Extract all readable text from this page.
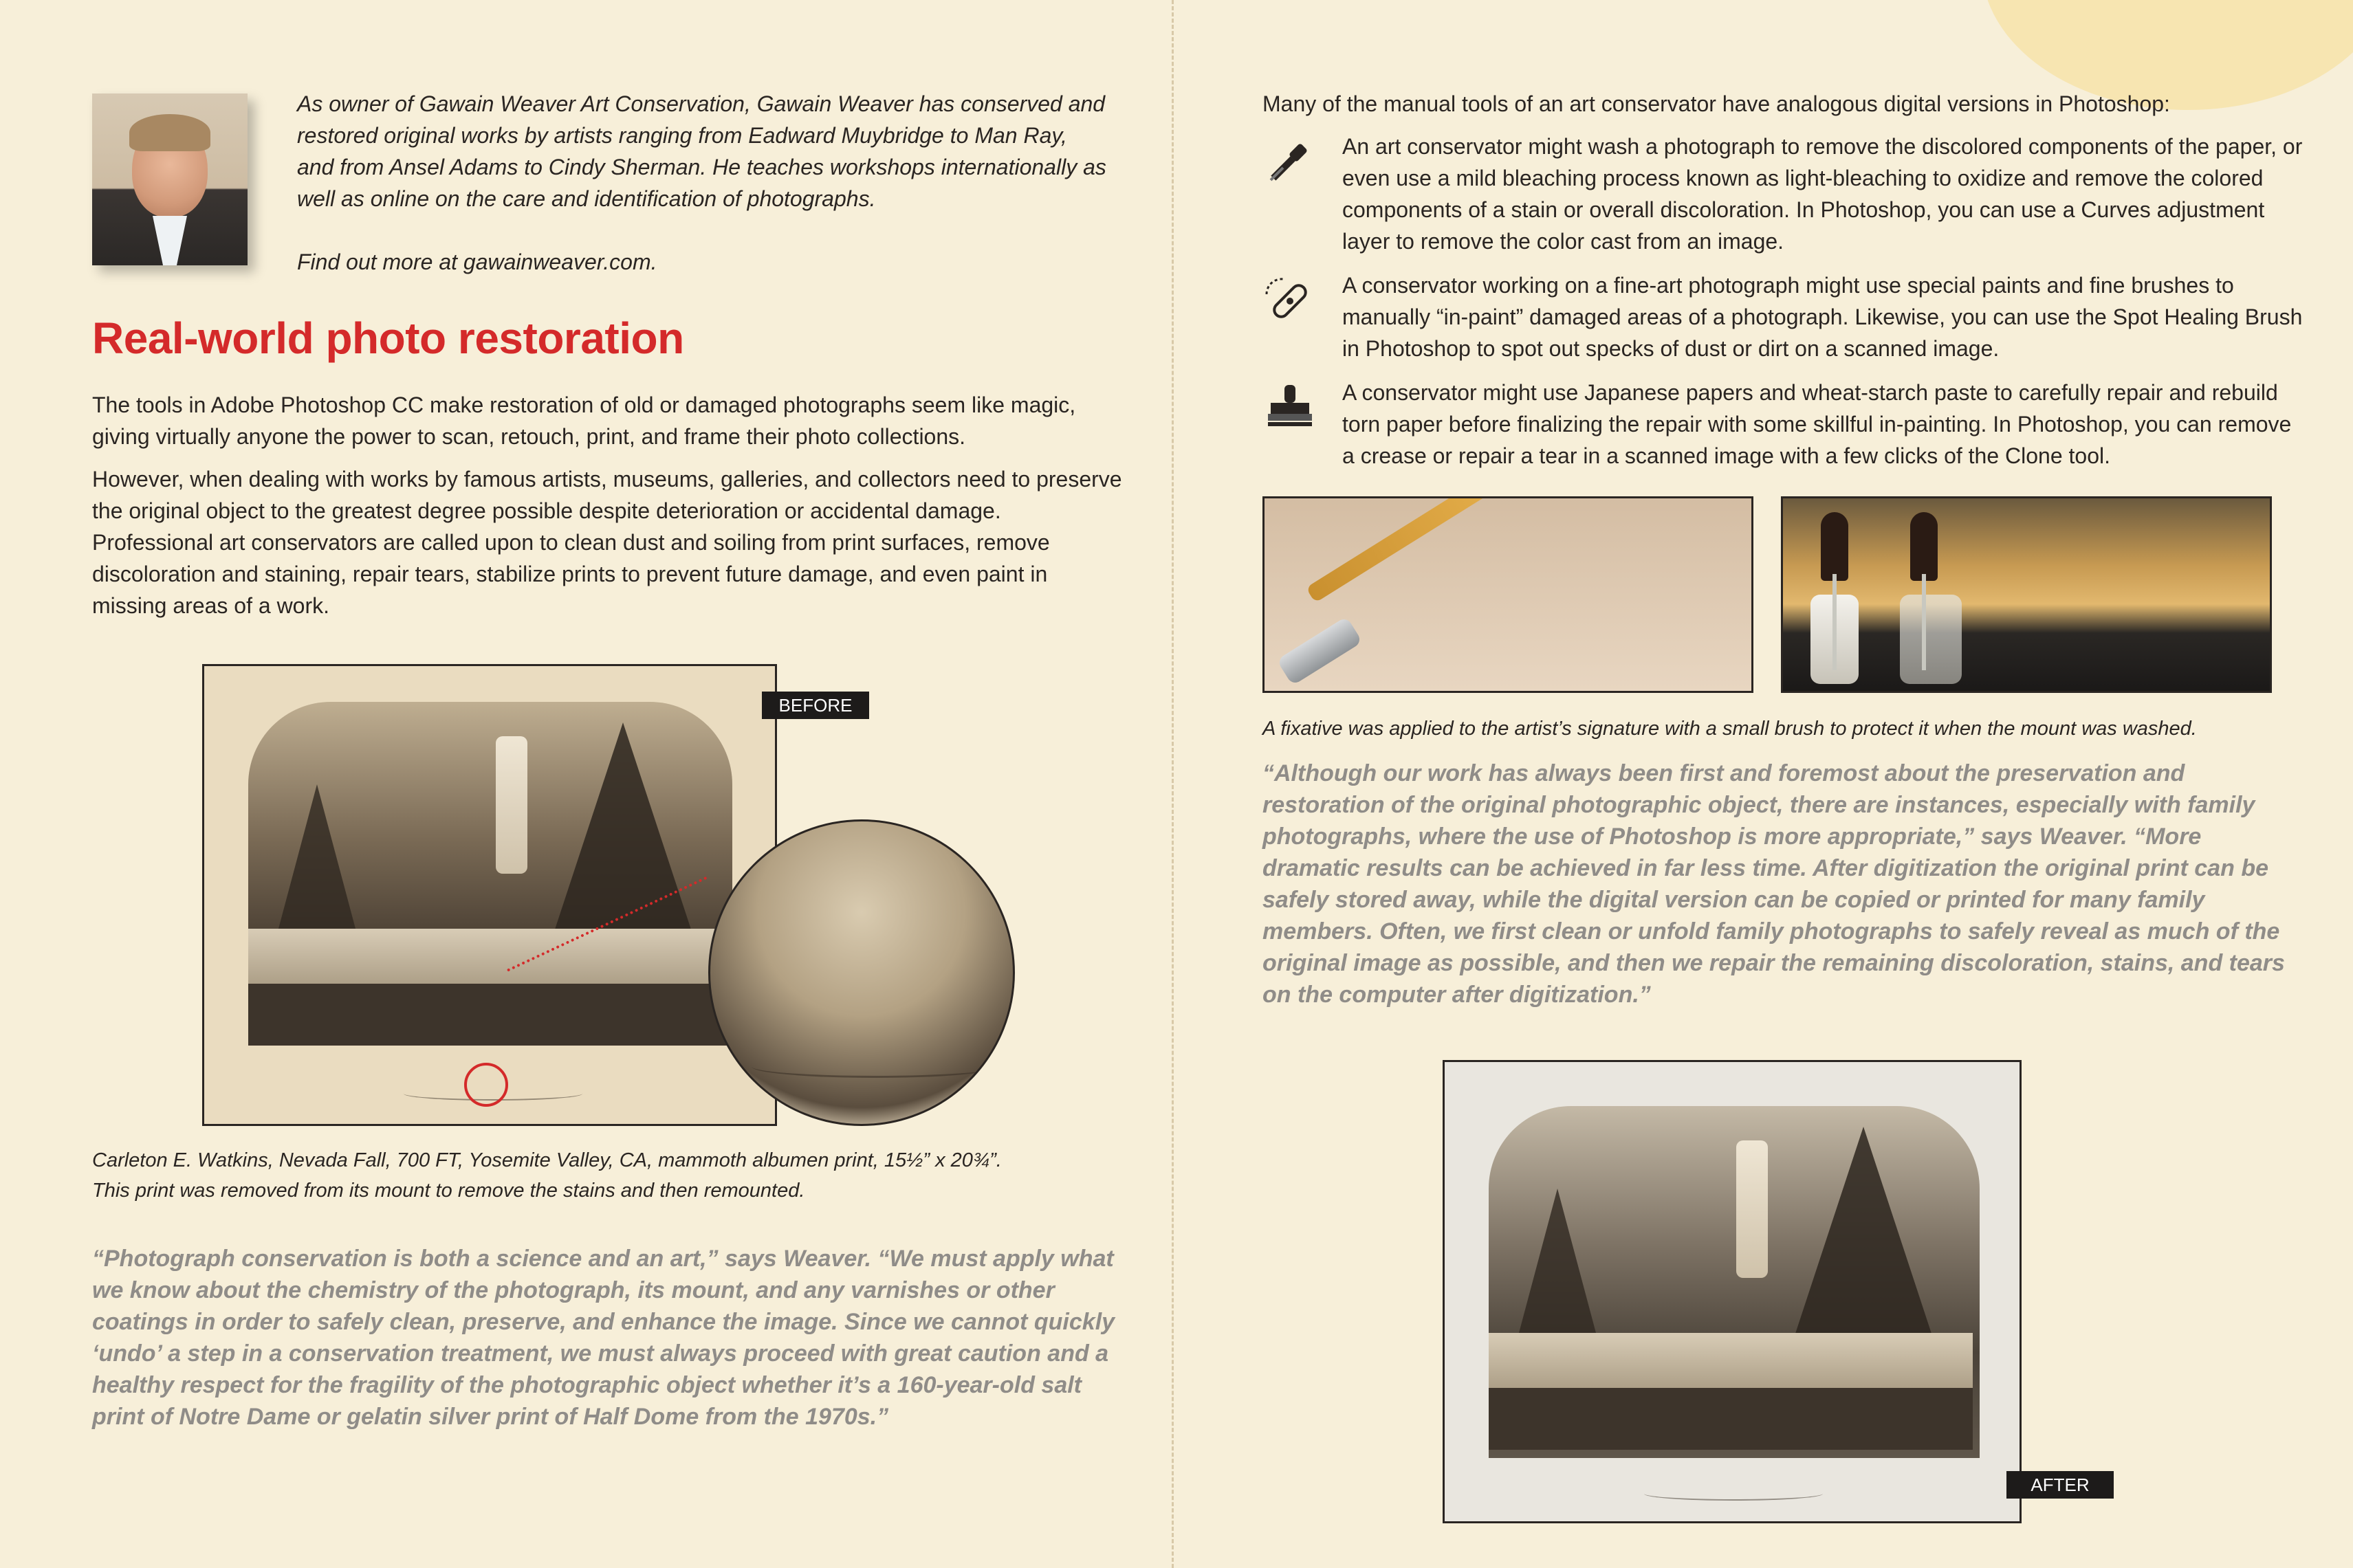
As owner of Gawain Weaver Art Conservation, Gawain Weaver has conserved and restored original works by artists ranging from Eadward Muybridge to Man Ray, and from Ansel Adams to Cindy Sherman. He teaches workshops internationally as well as online on the care and identification of photographs.

Find out more at gawainweaver.com.

Real-world photo restoration

The tools in Adobe Photoshop CC make restoration of old or damaged photographs seem like magic, giving virtually anyone the power to scan, retouch, print, and frame their photo collections.

However, when dealing with works by famous artists, museums, galleries, and collectors need to preserve the original object to the greatest degree possible despite deterioration or accidental damage. Professional art conservators are called upon to clean dust and soiling from print surfaces, remove discoloration and staining, repair tears, stabilize prints to prevent future damage, and even paint in missing areas of a work.

BEFORE
Carleton E. Watkins, Nevada Fall, 700 FT, Yosemite Valley, CA, mammoth albumen print, 15½” x 20¾”.
This print was removed from its mount to remove the stains and then remounted.
“Photograph conservation is both a science and an art,” says Weaver. “We must apply what we know about the chemistry of the photograph, its mount, and any varnishes or other coatings in order to safely clean, preserve, and enhance the image. Since we cannot quickly ‘undo’ a step in a conservation treatment, we must always proceed with great caution and a healthy respect for the fragility of the photographic object whether it’s a 160-year-old salt print of Notre Dame or gelatin silver print of Half Dome from the 1970s.”
Many of the manual tools of an art conservator have analogous digital versions in Photoshop:
An art conservator might wash a photograph to remove the discolored components of the paper, or even use a mild bleaching process known as light-bleaching to oxidize and remove the colored components of a stain or overall discoloration. In Photoshop, you can use a Curves adjustment layer to remove the color cast from an image.
A conservator working on a fine-art photograph might use special paints and fine brushes to manually “in-paint” damaged areas of a photograph. Likewise, you can use the Spot Healing Brush in Photoshop to spot out specks of dust or dirt on a scanned image.
A conservator might use Japanese papers and wheat-starch paste to carefully repair and rebuild torn paper before finalizing the repair with some skillful in-painting. In Photoshop, you can remove a crease or repair a tear in a scanned image with a few clicks of the Clone tool.
A fixative was applied to the artist’s signature with a small brush to protect it when the mount was washed.
“Although our work has always been first and foremost about the preservation and restoration of the original photographic object, there are instances, especially with family photographs, where the use of Photoshop is more appropriate,” says Weaver. “More dramatic results can be achieved in far less time. After digitization the original print can be safely stored away, while the digital version can be copied or printed for many family members. Often, we first clean or unfold family photographs to safely reveal as much of the original image as possible, and then we repair the remaining discoloration, stains, and tears on the computer after digitization.”
AFTER
